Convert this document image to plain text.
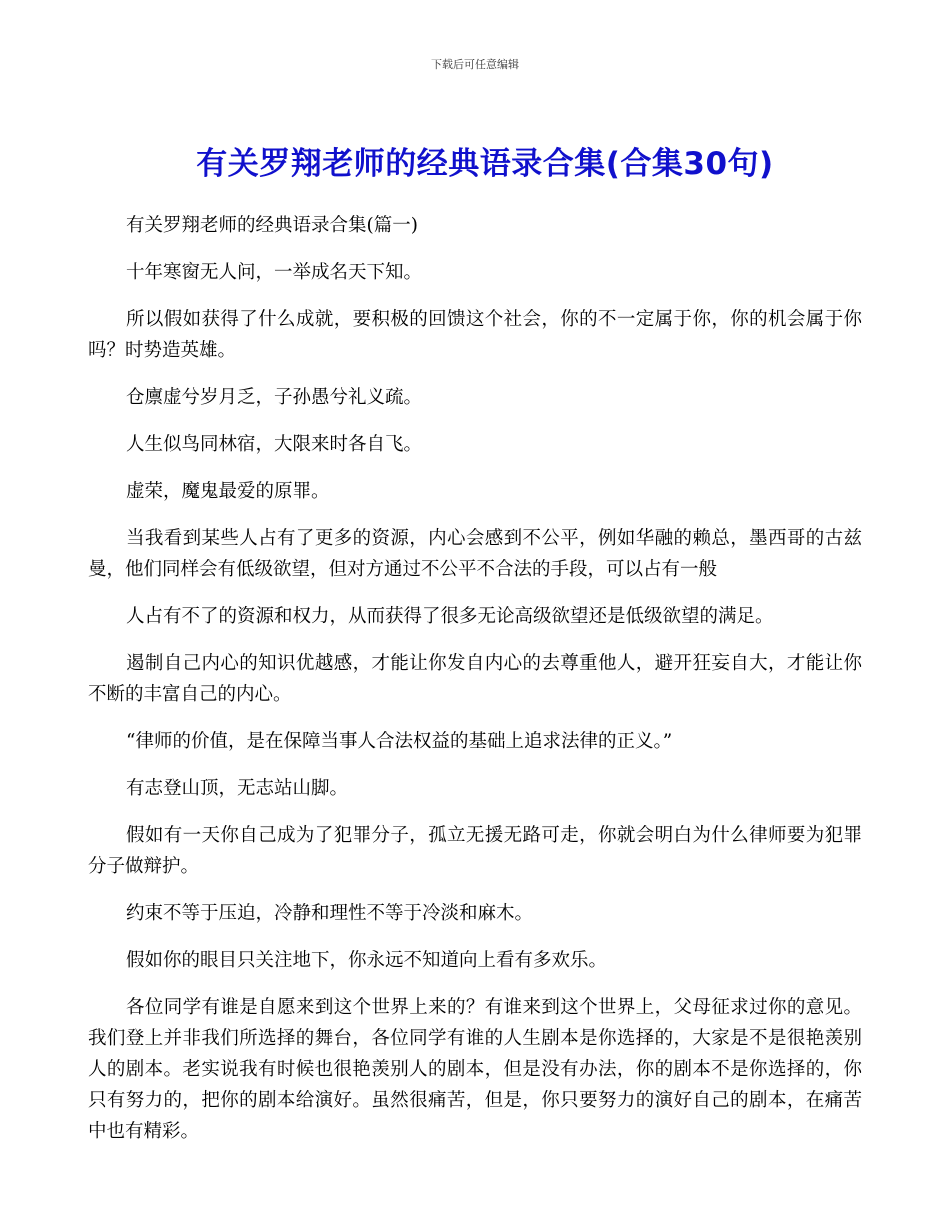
下载后可任意编辑
有关罗翔老师的经典语录合集(合集30句)

有关罗翔老师的经典语录合集(篇一)

十年寒窗无人问，一举成名天下知。

所以假如获得了什么成就，要积极的回馈这个社会，你的不一定属于你，你的机会属于你吗？时势造英雄。

仓廪虚兮岁月乏，子孙愚兮礼义疏。

人生似鸟同林宿，大限来时各自飞。

虚荣，魔鬼最爱的原罪。

当我看到某些人占有了更多的资源，内心会感到不公平，例如华融的赖总，墨西哥的古兹曼，他们同样会有低级欲望，但对方通过不公平不合法的手段，可以占有一般

人占有不了的资源和权力，从而获得了很多无论高级欲望还是低级欲望的满足。

遏制自己内心的知识优越感，才能让你发自内心的去尊重他人，避开狂妄自大，才能让你不断的丰富自己的内心。

“律师的价值，是在保障当事人合法权益的基础上追求法律的正义。”

有志登山顶，无志站山脚。

假如有一天你自己成为了犯罪分子，孤立无援无路可走，你就会明白为什么律师要为犯罪分子做辩护。

约束不等于压迫，冷静和理性不等于冷淡和麻木。

假如你的眼目只关注地下，你永远不知道向上看有多欢乐。

各位同学有谁是自愿来到这个世界上来的？有谁来到这个世界上，父母征求过你的意见。我们登上并非我们所选择的舞台，各位同学有谁的人生剧本是你选择的，大家是不是很艳羡别人的剧本。老实说我有时候也很艳羡别人的剧本，但是没有办法，你的剧本不是你选择的，你只有努力的，把你的剧本给演好。虽然很痛苦，但是，你只要努力的演好自己的剧本，在痛苦中也有精彩。
